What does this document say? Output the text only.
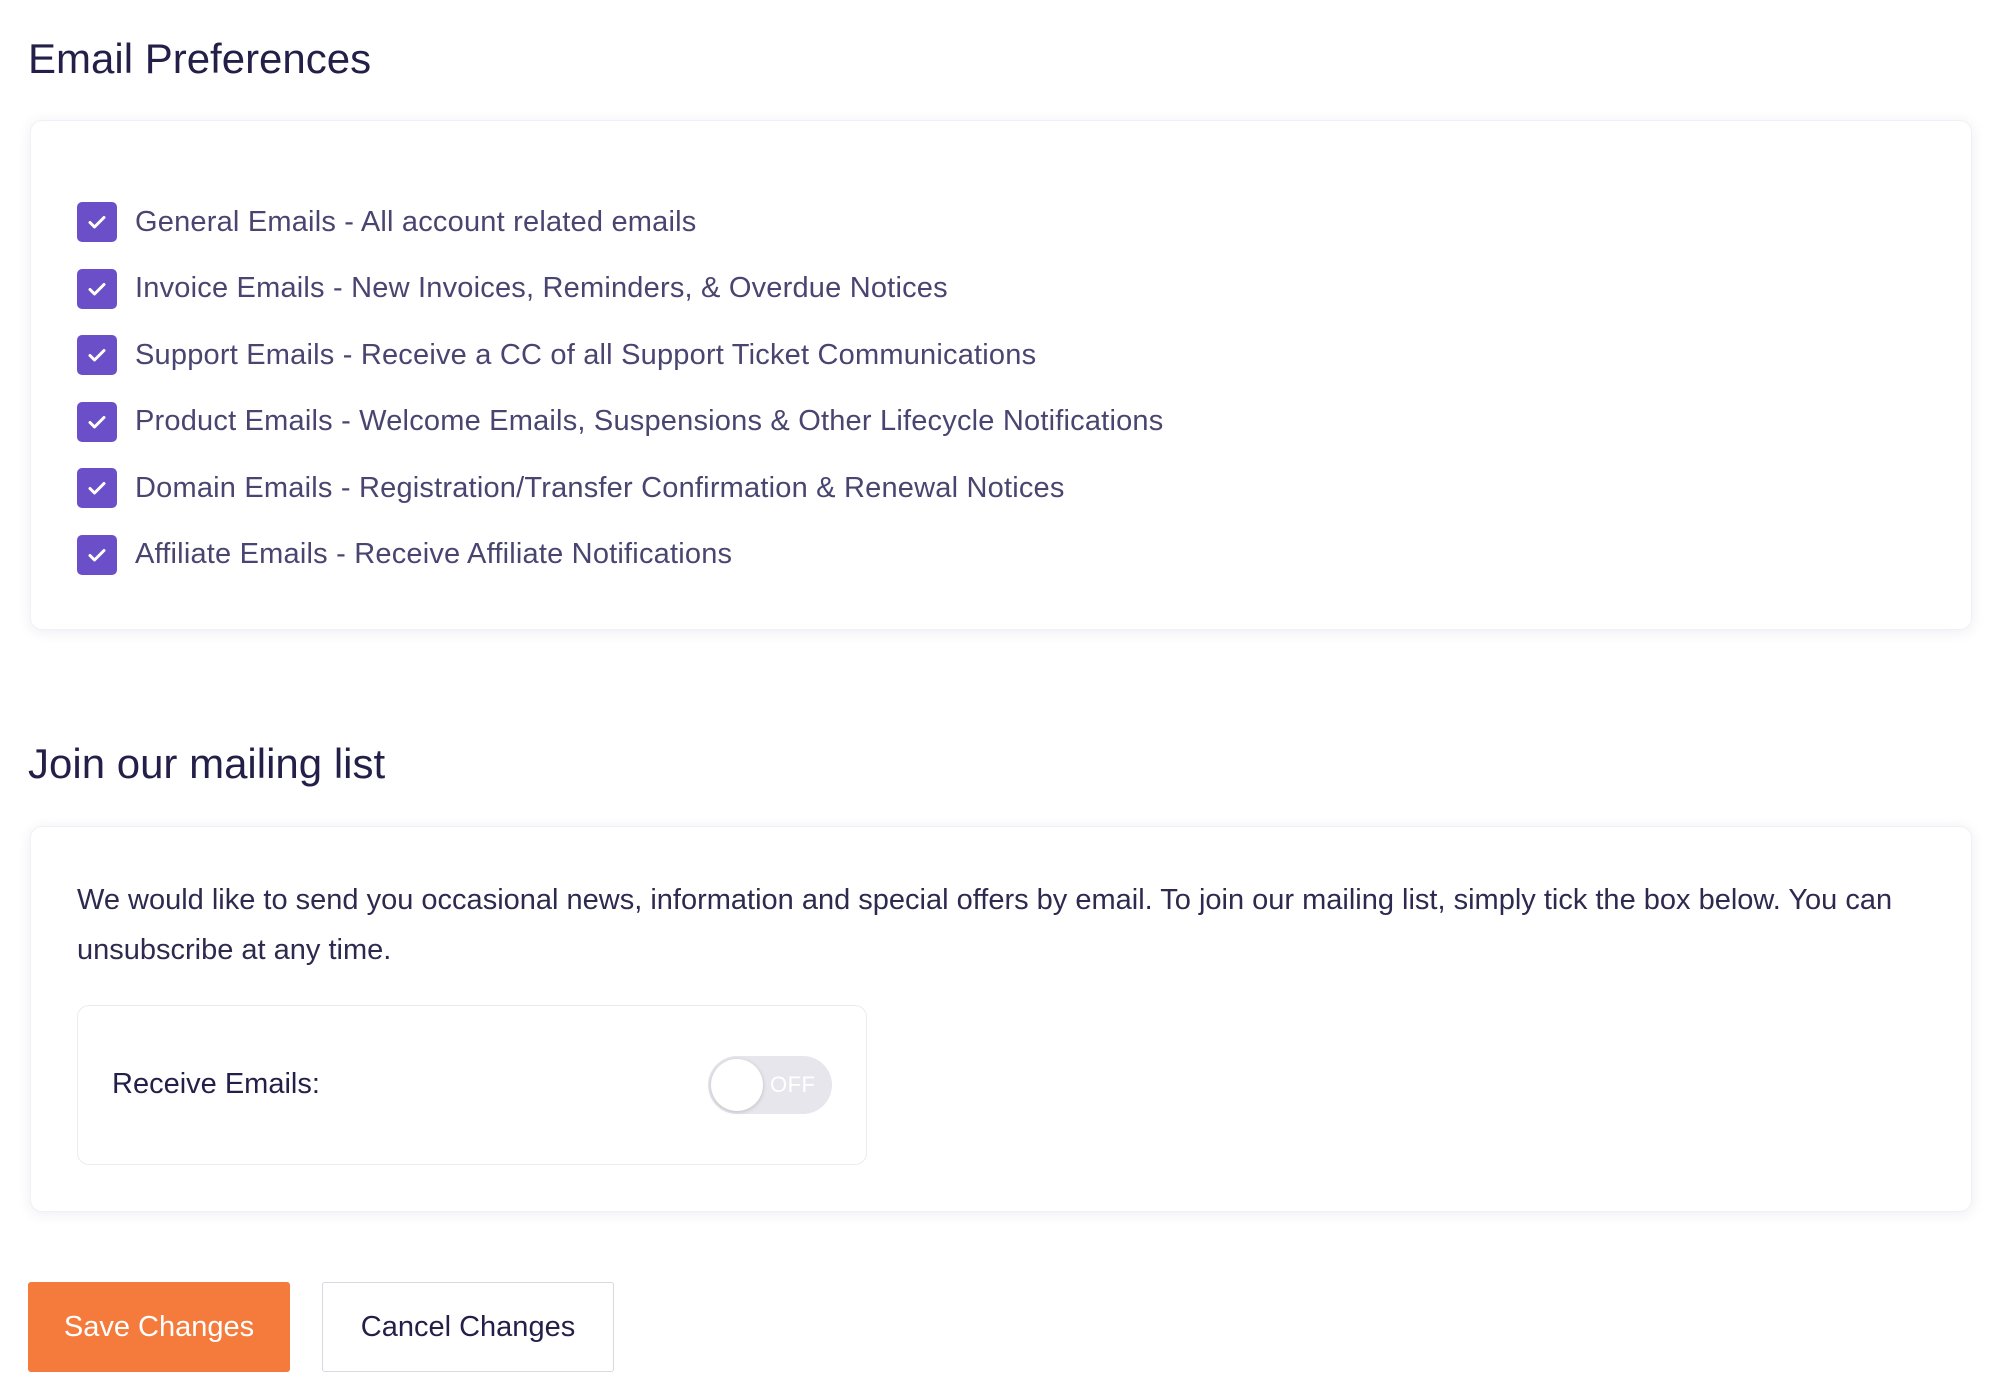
Email Preferences
General Emails - All account related emails
Invoice Emails - New Invoices, Reminders, & Overdue Notices
Support Emails - Receive a CC of all Support Ticket Communications
Product Emails - Welcome Emails, Suspensions & Other Lifecycle Notifications
Domain Emails - Registration/Transfer Confirmation & Renewal Notices
Affiliate Emails - Receive Affiliate Notifications
Join our mailing list

We would like to send you occasional news, information and special offers by email. To join our mailing list, simply tick the box below. You can unsubscribe at any time.

Receive Emails:	OFF
Save Changes	Cancel Changes
